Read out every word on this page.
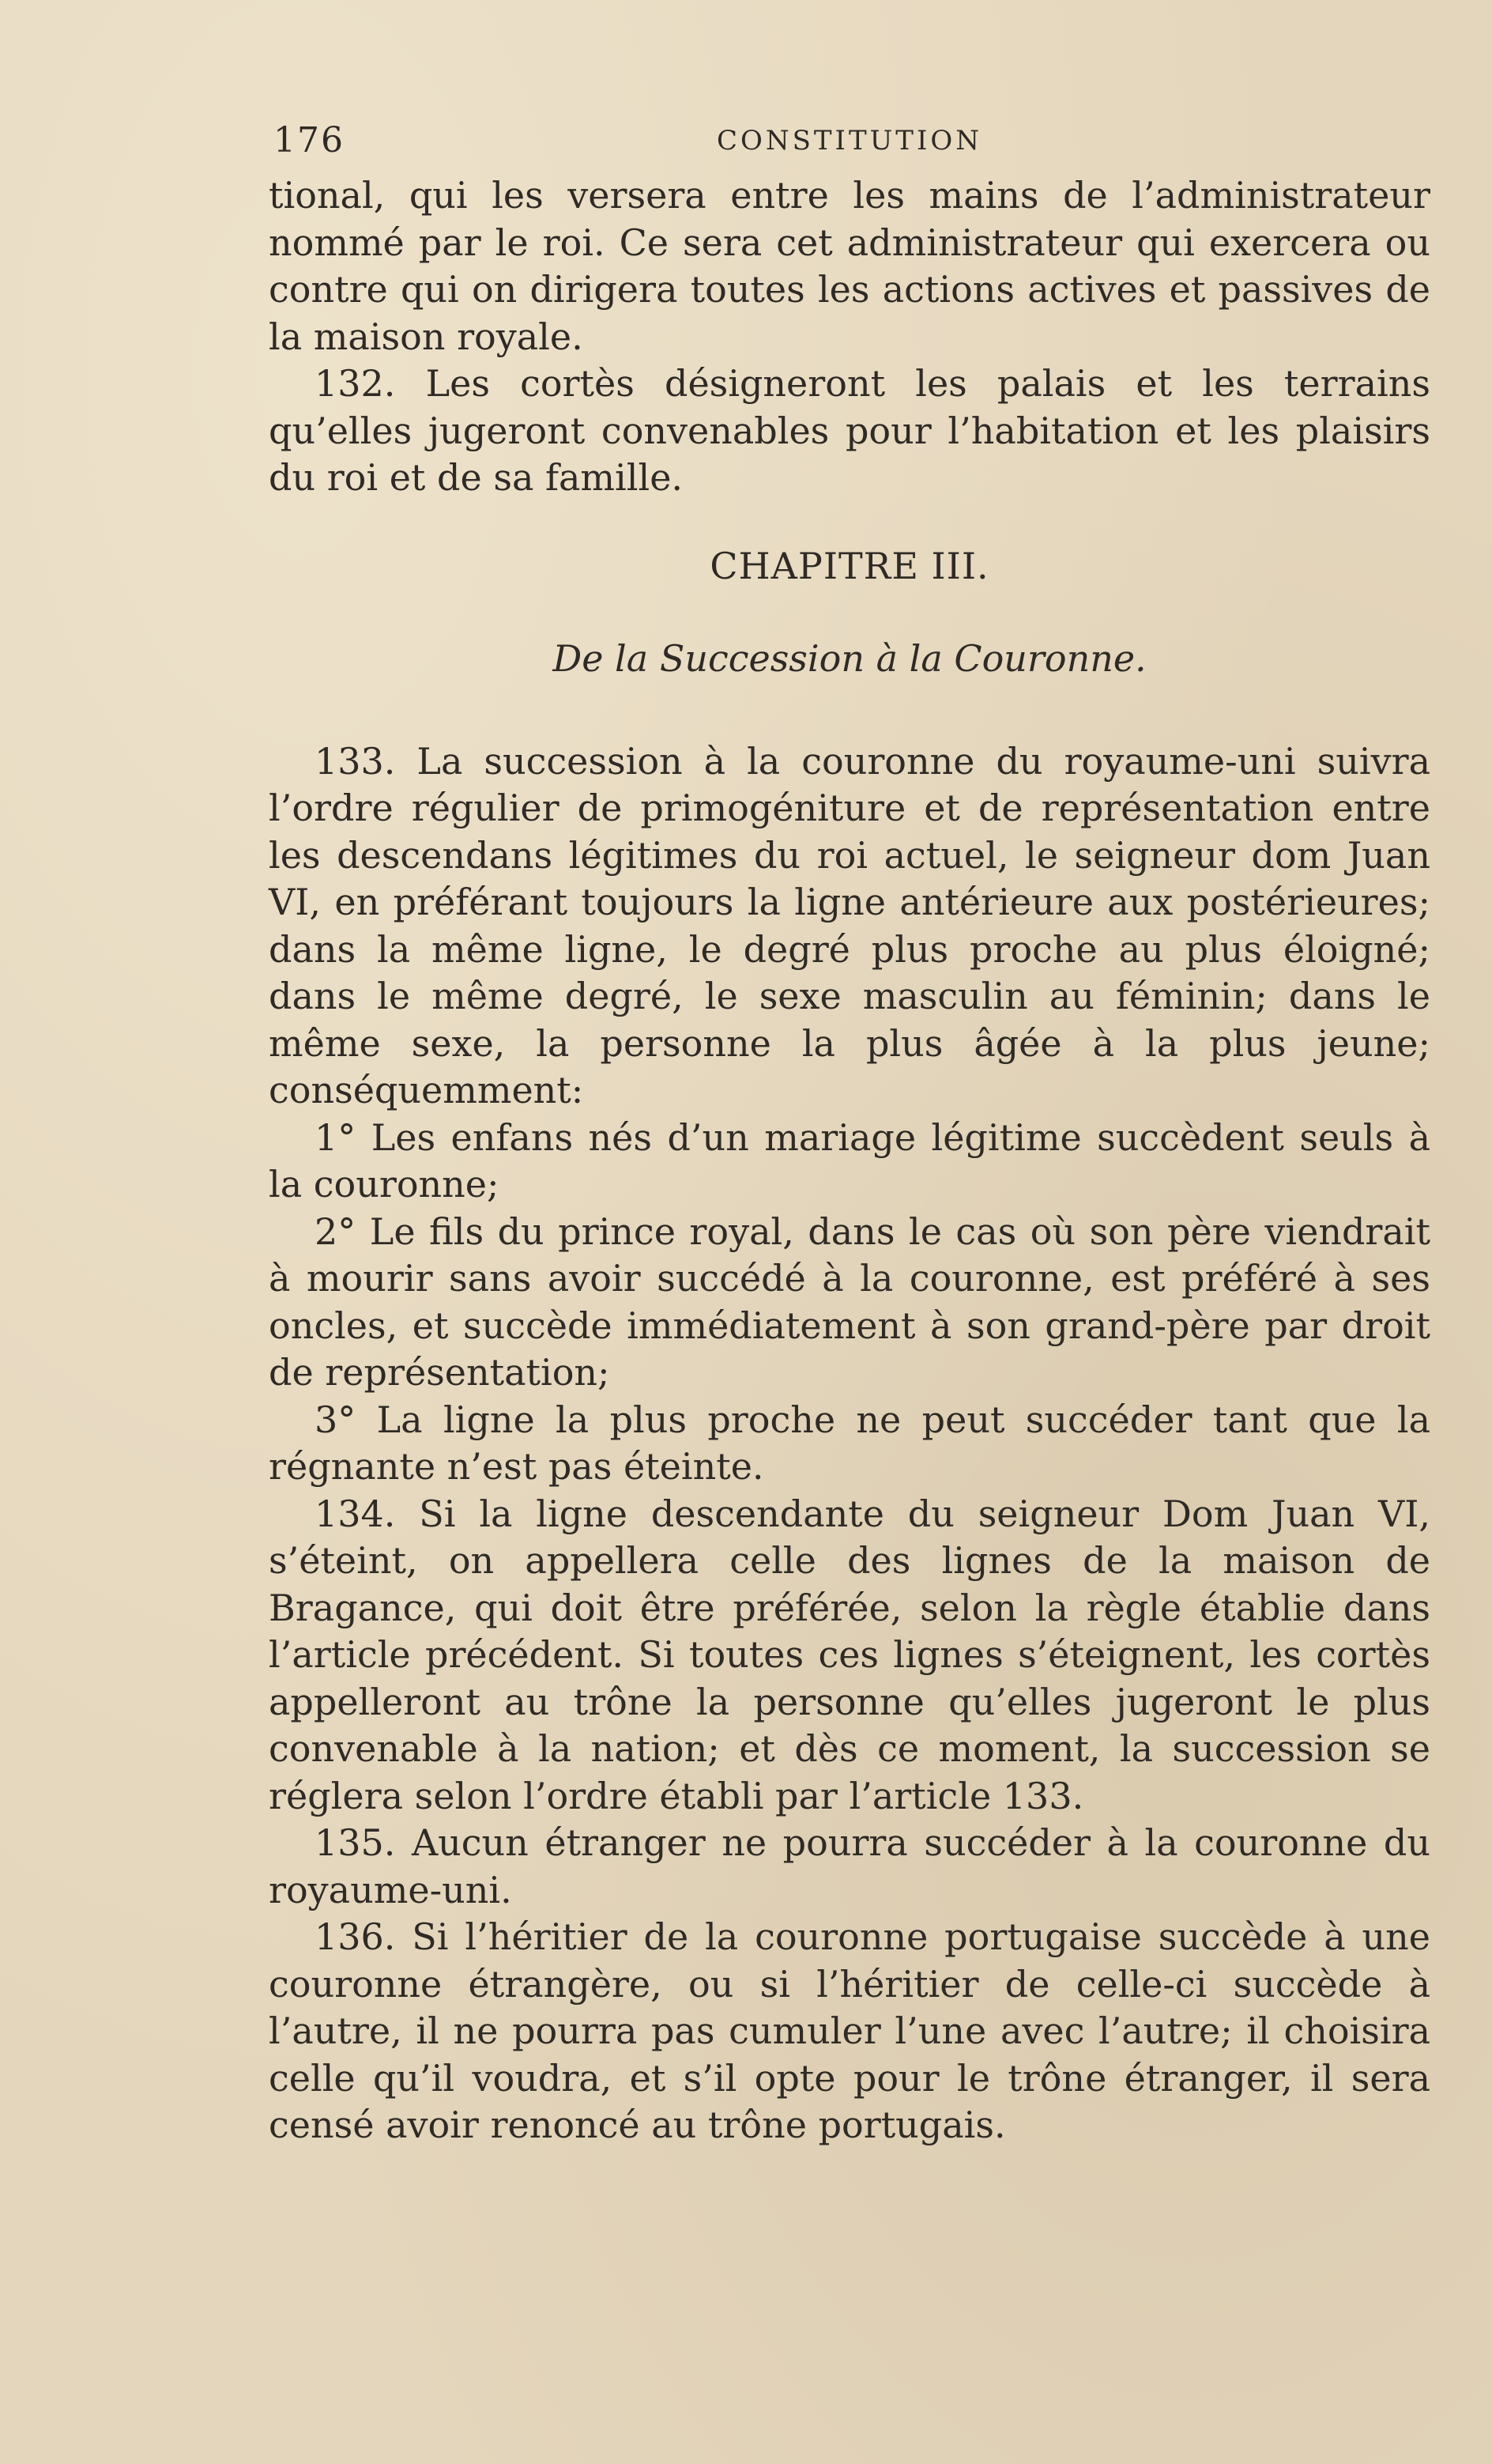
176	CONSTITUTION

tional, qui les versera entre les mains de l’administrateur nommé par le roi. Ce sera cet administrateur qui exercera ou contre qui on dirigera toutes les actions actives et passives de la maison royale.

132. Les cortès désigneront les palais et les terrains qu’elles jugeront convenables pour l’habitation et les plaisirs du roi et de sa famille.

CHAPITRE III.

De la Succession à la Couronne.

133. La succession à la couronne du royaume-uni suivra l’ordre régulier de primogéniture et de représentation entre les descendans légitimes du roi actuel, le seigneur dom Juan VI, en préférant toujours la ligne antérieure aux postérieures; dans la même ligne, le degré plus proche au plus éloigné; dans le même degré, le sexe masculin au féminin; dans le même sexe, la personne la plus âgée à la plus jeune; conséquemment:

1° Les enfans nés d’un mariage légitime succèdent seuls à la couronne;

2° Le fils du prince royal, dans le cas où son père viendrait à mourir sans avoir succédé à la couronne, est préféré à ses oncles, et succède immédiatement à son grand-père par droit de représentation;

3° La ligne la plus proche ne peut succéder tant que la régnante n’est pas éteinte.

134. Si la ligne descendante du seigneur Dom Juan VI, s’éteint, on appellera celle des lignes de la maison de Bragance, qui doit être préférée, selon la règle établie dans l’article précédent. Si toutes ces lignes s’éteignent, les cortès appelleront au trône la personne qu’elles jugeront le plus convenable à la nation; et dès ce moment, la succession se réglera selon l’ordre établi par l’article 133.

135. Aucun étranger ne pourra succéder à la couronne du royaume-uni.

136. Si l’héritier de la couronne portugaise succède à une couronne étrangère, ou si l’héritier de celle-ci succède à l’autre, il ne pourra pas cumuler l’une avec l’autre; il choisira celle qu’il voudra, et s’il opte pour le trône étranger, il sera censé avoir renoncé au trône portugais.
